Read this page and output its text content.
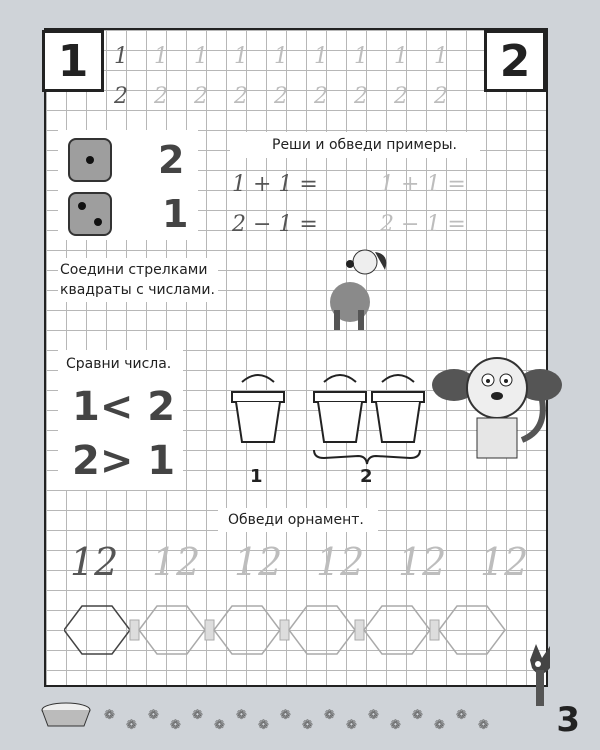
1	2
1 1 1 1 1 1 1 1 1
2 2 2 2 2 2 2 2 2
2
1
Реши и обведи примеры.
1 + 1 =	1 + 1 =
2 − 1 =	2 − 1 =
Соедини стрелками
квадраты с числами.
Сравни числа.
1< 2
2> 1	1	2
Обведи орнамент.
12 12 12 12 12 12
❁
❁
❁
❁
❁
❁
❁
❁
❁
❁
❁
❁
❁
❁
❁
❁
❁
❁ 3
